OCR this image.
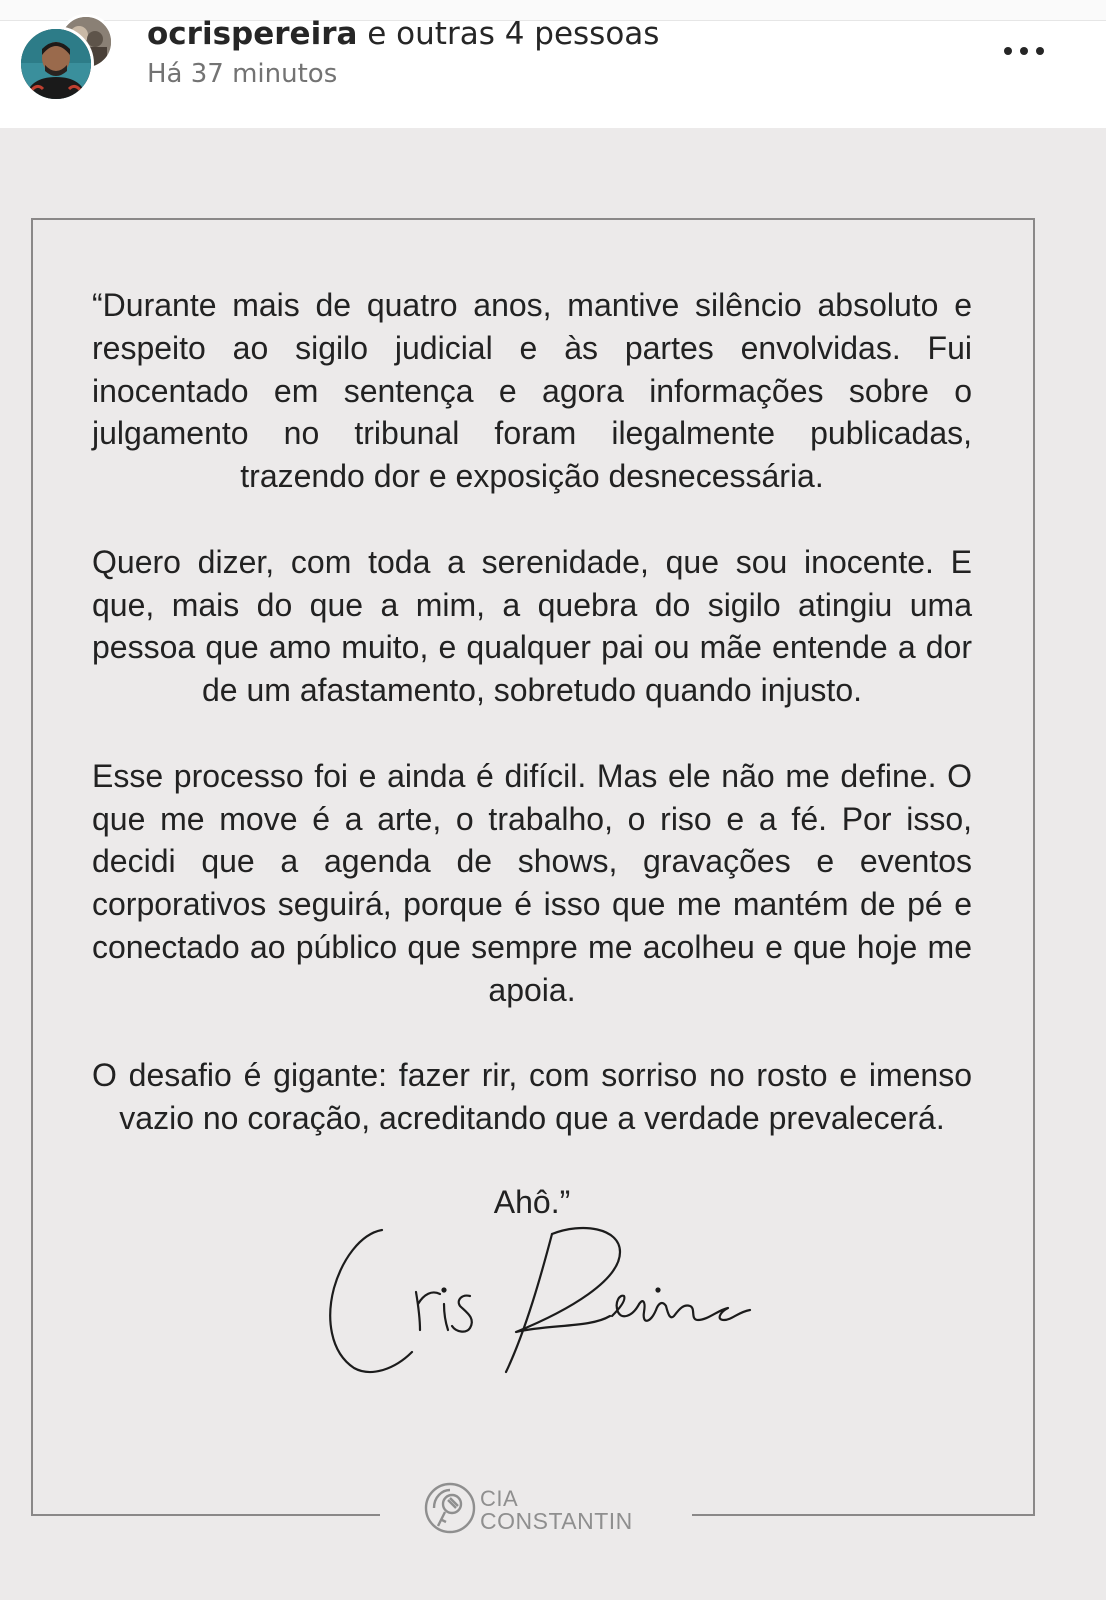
ocrispereira e outras 4 pessoas
Há 37 minutos

“Durante mais de quatro anos, mantive silêncio absoluto e respeito ao sigilo judicial e às partes envolvidas. Fui inocentado em sentença e agora informações sobre o julgamento no tribunal foram ilegalmente publicadas, trazendo dor e exposição desnecessária.

Quero dizer, com toda a serenidade, que sou inocente. E que, mais do que a mim, a quebra do sigilo atingiu uma pessoa que amo muito, e qualquer pai ou mãe entende a dor de um afastamento, sobretudo quando injusto.

Esse processo foi e ainda é difícil. Mas ele não me define. O que me move é a arte, o trabalho, o riso e a fé. Por isso, decidi que a agenda de shows, gravações e eventos corporativos seguirá, porque é isso que me mantém de pé e conectado ao público que sempre me acolheu e que hoje me apoia.

O desafio é gigante: fazer rir, com sorriso no rosto e imenso vazio no coração, acreditando que a verdade prevalecerá.

Ahô.”
CIA
CONSTANTIN
